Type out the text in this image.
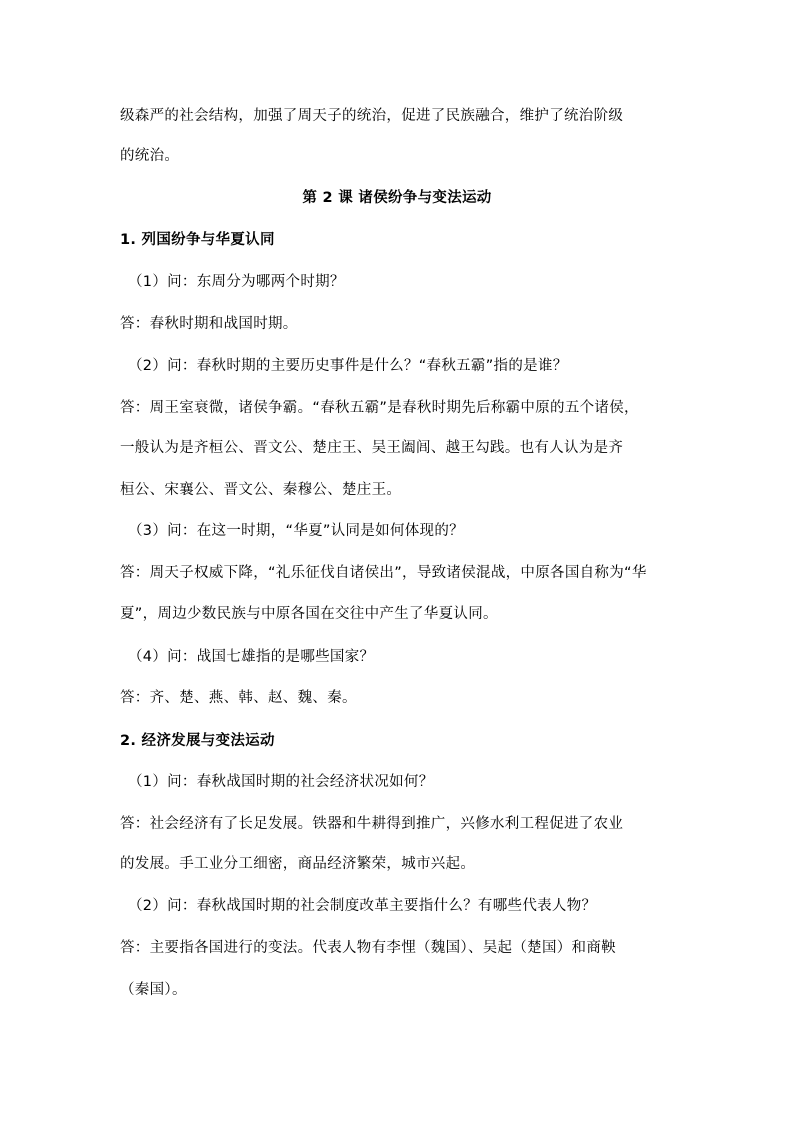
级森严的社会结构，加强了周天子的统治，促进了民族融合，维护了统治阶级
的统治。
第 2 课 诸侯纷争与变法运动
1. 列国纷争与华夏认同
（1）问：东周分为哪两个时期？
答：春秋时期和战国时期。
（2）问：春秋时期的主要历史事件是什么？“春秋五霸”指的是谁？
答：周王室衰微，诸侯争霸。“春秋五霸”是春秋时期先后称霸中原的五个诸侯，
一般认为是齐桓公、晋文公、楚庄王、吴王阖闾、越王勾践。也有人认为是齐
桓公、宋襄公、晋文公、秦穆公、楚庄王。
（3）问：在这一时期，“华夏”认同是如何体现的？
答：周天子权威下降，“礼乐征伐自诸侯出”，导致诸侯混战，中原各国自称为“华
夏”，周边少数民族与中原各国在交往中产生了华夏认同。
（4）问：战国七雄指的是哪些国家？
答：齐、楚、燕、韩、赵、魏、秦。
2. 经济发展与变法运动
（1）问：春秋战国时期的社会经济状况如何？
答：社会经济有了长足发展。铁器和牛耕得到推广，兴修水利工程促进了农业
的发展。手工业分工细密，商品经济繁荣，城市兴起。
（2）问：春秋战国时期的社会制度改革主要指什么？有哪些代表人物？
答：主要指各国进行的变法。代表人物有李悝（魏国）、吴起（楚国）和商鞅
（秦国）。
